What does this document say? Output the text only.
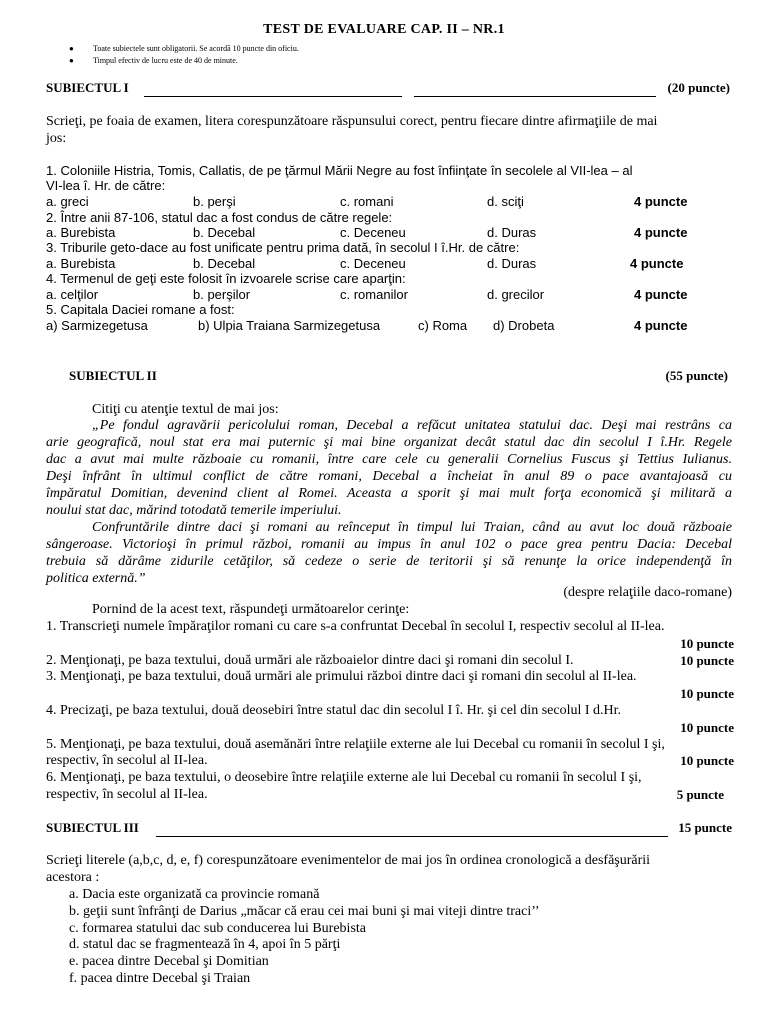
TEST DE EVALUARE CAP. II – NR.1
● Toate subiectele sunt obligatorii. Se acordă 10 puncte din oficiu.
● Timpul efectiv de lucru este de 40 de minute.
SUBIECTUL I	(20 puncte)
Scrieţi, pe foaia de examen, litera corespunzătoare răspunsului corect, pentru fiecare dintre afirmaţiile de mai
jos:
1. Coloniile Histria, Tomis, Callatis, de pe ţărmul Mării Negre au fost înfiinţate în secolele al VII-lea – al
VI-lea î. Hr. de către:
a. greci	b. perşi	c. romani	d. sciţi	4 puncte
2. Între anii 87-106, statul dac a fost condus de către regele:
a. Burebista	b. Decebal	c. Deceneu	d. Duras	4 puncte
3. Triburile geto-dace au fost unificate pentru prima dată, în secolul I î.Hr. de către:
a. Burebista	b. Decebal	c. Deceneu	d. Duras	4 puncte
4. Termenul de geţi este folosit în izvoarele scrise care aparţin:
a. celţilor	b. perşilor	c. romanilor	d. grecilor	4 puncte
5. Capitala Daciei romane a fost:
a) Sarmizegetusa	b) Ulpia Traiana Sarmizegetusa	c) Roma d) Drobeta	4 puncte
SUBIECTUL II	(55 puncte)
Citiţi cu atenţie textul de mai jos:
„Pe fondul agravării pericolului roman, Decebal a refăcut unitatea statului dac. Deşi mai restrâns ca
arie geografică, noul stat era mai puternic şi mai bine organizat decât statul dac din secolul I î.Hr. Regele
dac a avut mai multe războaie cu romanii, între care cele cu generalii Cornelius Fuscus şi Tettius Iulianus.
Deşi înfrânt în ultimul conflict de către romani, Decebal a încheiat în anul 89 o pace avantajoasă cu
împăratul Domitian, devenind client al Romei. Aceasta a sporit şi mai mult forţa economică şi militară a
noului stat dac, mărind totodată temerile imperiului.
Confruntările dintre daci şi romani au reînceput în timpul lui Traian, când au avut loc două războaie
sângeroase. Victorioşi în primul război, romanii au impus în anul 102 o pace grea pentru Dacia: Decebal
trebuia să dărâme zidurile cetăţilor, să cedeze o serie de teritorii şi să renunţe la orice independenţă în
politica externă.”
(despre relaţiile daco-romane)
Pornind de la acest text, răspundeţi următoarelor cerinţe:
1. Transcrieţi numele împăraţilor romani cu care s-a confruntat Decebal în secolul I, respectiv secolul al II-lea.
10 puncte
2. Menţionaţi, pe baza textului, două urmări ale războaielor dintre daci şi romani din secolul I.	10 puncte
3. Menţionaţi, pe baza textului, două urmări ale primului război dintre daci şi romani din secolul al II-lea.
10 puncte
4. Precizaţi, pe baza textului, două deosebiri între statul dac din secolul I î. Hr. şi cel din secolul I d.Hr.
10 puncte
5. Menţionaţi, pe baza textului, două asemănări între relaţiile externe ale lui Decebal cu romanii în secolul I şi,
respectiv, în secolul al II-lea.	10 puncte
6. Menţionaţi, pe baza textului, o deosebire între relaţiile externe ale lui Decebal cu romanii în secolul I şi,
respectiv, în secolul al II-lea.	5 puncte
SUBIECTUL III	15 puncte
Scrieţi literele (a,b,c, d, e, f) corespunzătoare evenimentelor de mai jos în ordinea cronologică a desfăşurării
acestora :
a. Dacia este organizată ca provincie romană
b. geţii sunt înfrânţi de Darius „măcar că erau cei mai buni şi mai viteji dintre traci’’
c. formarea statului dac sub conducerea lui Burebista
d. statul dac se fragmentează în 4, apoi în 5 părţi
e. pacea dintre Decebal şi Domitian
f. pacea dintre Decebal şi Traian
